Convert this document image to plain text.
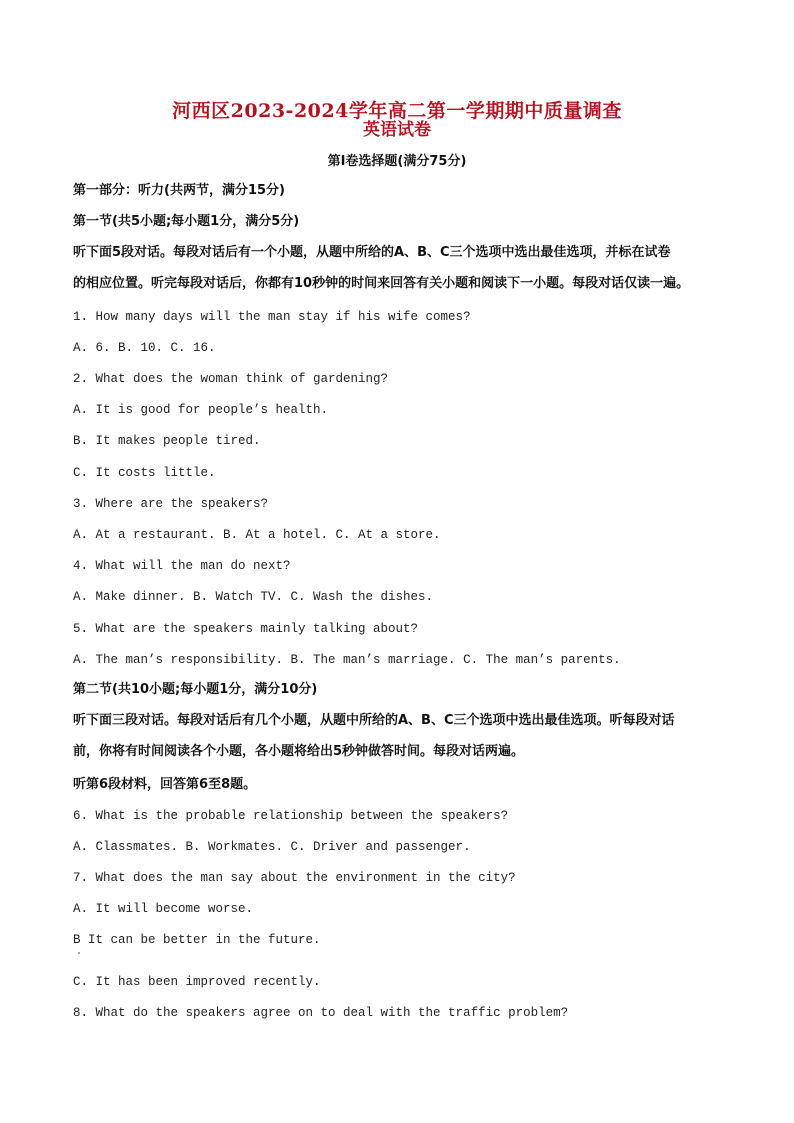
河西区2023-2024学年高二第一学期期中质量调查
英语试卷
第Ⅰ卷选择题(满分75分)
第一部分：听力(共两节，满分15分)
第一节(共5小题;每小题1分，满分5分)
听下面5段对话。每段对话后有一个小题，从题中所给的A、B、C三个选项中选出最佳选项，并标在试卷
的相应位置。听完每段对话后，你都有10秒钟的时间来回答有关小题和阅读下一小题。每段对话仅读一遍。
1. How many days will the man stay if his wife comes?
A. 6. B. 10. C. 16.
2. What does the woman think of gardening?
A. It is good for people’s health.
B. It makes people tired.
C. It costs little.
3. Where are the speakers?
A. At a restaurant. B. At a hotel. C. At a store.
4. What will the man do next?
A. Make dinner. B. Watch TV. C. Wash the dishes.
5. What are the speakers mainly talking about?
A. The man’s responsibility. B. The man’s marriage. C. The man’s parents.
第二节(共10小题;每小题1分，满分10分)
听下面三段对话。每段对话后有几个小题，从题中所给的A、B、C三个选项中选出最佳选项。听每段对话
前，你将有时间阅读各个小题，各小题将给出5秒钟做答时间。每段对话两遍。
听第6段材料，回答第6至8题。
6. What is the probable relationship between the speakers?
A. Classmates. B. Workmates. C. Driver and passenger.
7. What does the man say about the environment in the city?
A. It will become worse.
B It can be better in the future.
C. It has been improved recently.
8. What do the speakers agree on to deal with the traffic problem?
